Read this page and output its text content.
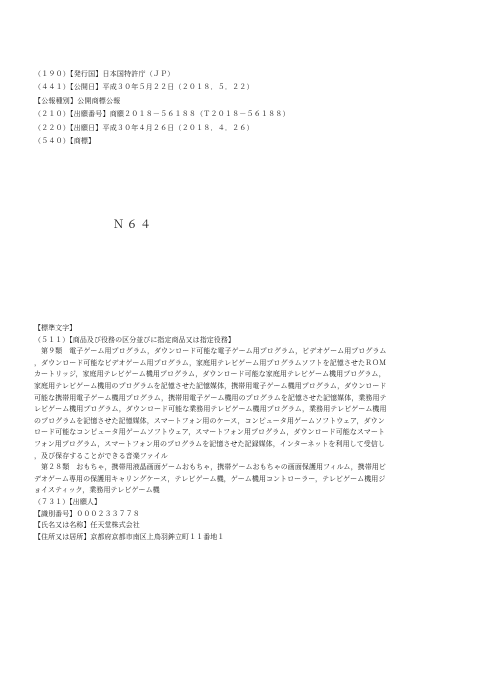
（１９０）【発行国】日本国特許庁（ＪＰ）
（４４１）【公開日】平成３０年５月２２日（２０１８．５．２２）
【公報種別】公開商標公報
（２１０）【出願番号】商願２０１８－５６１８８（Ｔ２０１８－５６１８８）
（２２０）【出願日】平成３０年４月２６日（２０１８．４．２６）
（５４０）【商標】
Ｎ６４
【標準文字】
（５１１）【商品及び役務の区分並びに指定商品又は指定役務】
　第９類　電子ゲーム用プログラム，ダウンロード可能な電子ゲーム用プログラム，ビデオゲーム用プログラム
，ダウンロード可能なビデオゲーム用プログラム，家庭用テレビゲーム用プログラムソフトを記憶させたＲＯＭ
カートリッジ，家庭用テレビゲーム機用プログラム，ダウンロード可能な家庭用テレビゲーム機用プログラム，
家庭用テレビゲーム機用のプログラムを記憶させた記憶媒体，携帯用電子ゲーム機用プログラム，ダウンロード
可能な携帯用電子ゲーム機用プログラム，携帯用電子ゲーム機用のプログラムを記憶させた記憶媒体，業務用テ
レビゲーム機用プログラム，ダウンロード可能な業務用テレビゲーム機用プログラム，業務用テレビゲーム機用
のプログラムを記憶させた記憶媒体，スマートフォン用のケース，コンピュータ用ゲームソフトウェア，ダウン
ロード可能なコンピュータ用ゲームソフトウェア，スマートフォン用プログラム，ダウンロード可能なスマート
フォン用プログラム，スマートフォン用のプログラムを記憶させた記録媒体，インターネットを利用して受信し
，及び保存することができる音楽ファイル
　第２８類　おもちゃ，携帯用液晶画面ゲームおもちゃ，携帯ゲームおもちゃの画面保護用フィルム，携帯用ビ
デオゲーム専用の保護用キャリングケース，テレビゲーム機，ゲーム機用コントローラー，テレビゲーム機用ジ
ョイスティック，業務用テレビゲーム機
（７３１）【出願人】
【識別番号】０００２３３７７８
【氏名又は名称】任天堂株式会社
【住所又は居所】京都府京都市南区上鳥羽鉾立町１１番地１
